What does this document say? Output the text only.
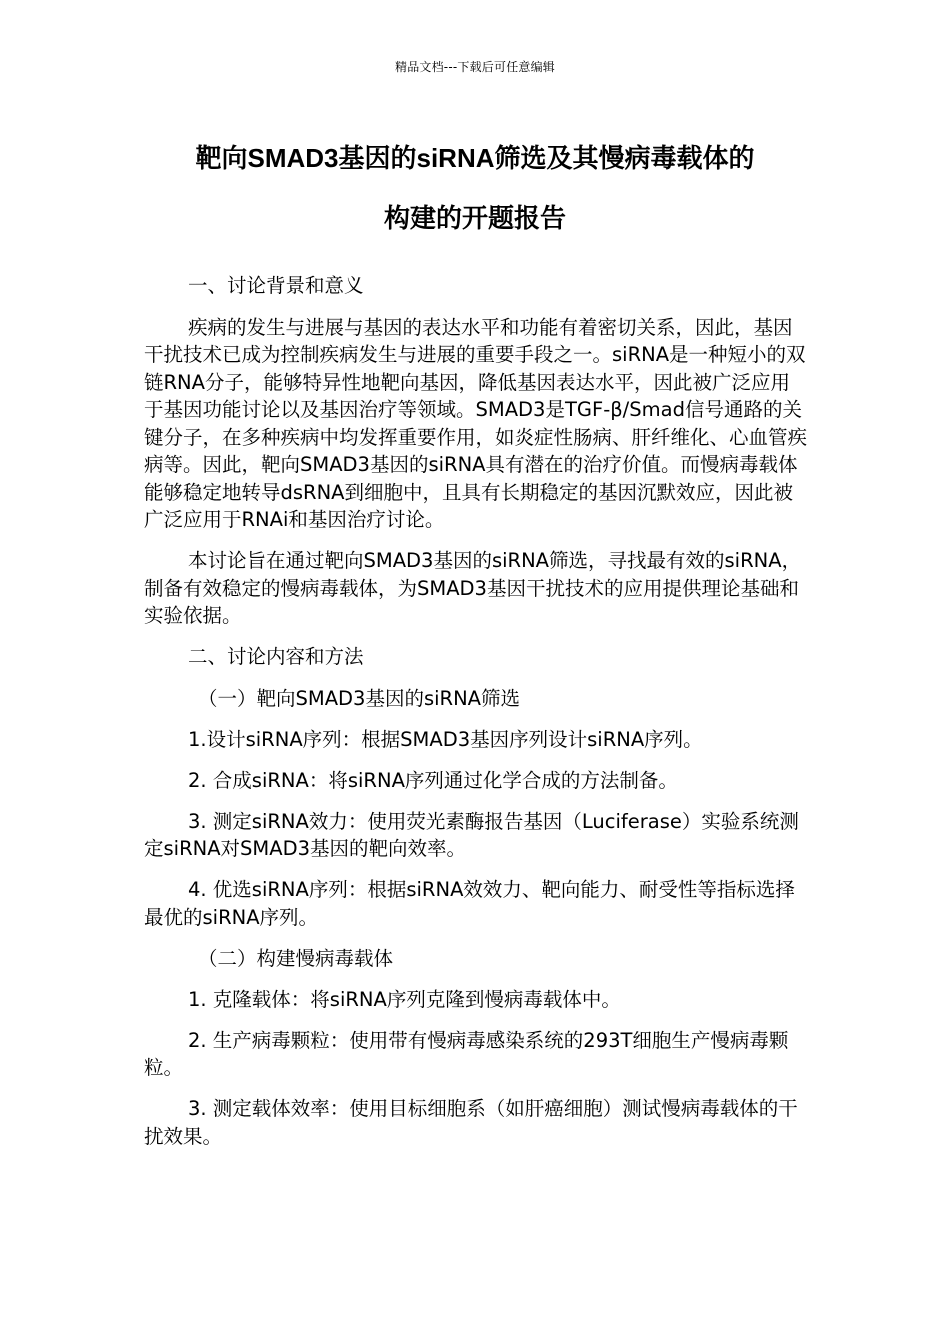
精品文档---下载后可任意编辑
靶向SMAD3基因的siRNA筛选及其慢病毒载体的
构建的开题报告

一、讨论背景和意义

疾病的发生与进展与基因的表达水平和功能有着密切关系，因此，基因干扰技术已成为控制疾病发生与进展的重要手段之一。siRNA是一种短小的双链RNA分子，能够特异性地靶向基因，降低基因表达水平，因此被广泛应用于基因功能讨论以及基因治疗等领域。SMAD3是TGF-β/Smad信号通路的关键分子，在多种疾病中均发挥重要作用，如炎症性肠病、肝纤维化、心血管疾病等。因此，靶向SMAD3基因的siRNA具有潜在的治疗价值。而慢病毒载体能够稳定地转导dsRNA到细胞中，且具有长期稳定的基因沉默效应，因此被广泛应用于RNAi和基因治疗讨论。

本讨论旨在通过靶向SMAD3基因的siRNA筛选，寻找最有效的siRNA，制备有效稳定的慢病毒载体，为SMAD3基因干扰技术的应用提供理论基础和实验依据。

二、讨论内容和方法

（一）靶向SMAD3基因的siRNA筛选

1.设计siRNA序列：根据SMAD3基因序列设计siRNA序列。

2. 合成siRNA：将siRNA序列通过化学合成的方法制备。

3. 测定siRNA效力：使用荧光素酶报告基因（Luciferase）实验系统测定siRNA对SMAD3基因的靶向效率。

4. 优选siRNA序列：根据siRNA效效力、靶向能力、耐受性等指标选择最优的siRNA序列。

（二）构建慢病毒载体

1. 克隆载体：将siRNA序列克隆到慢病毒载体中。

2. 生产病毒颗粒：使用带有慢病毒感染系统的293T细胞生产慢病毒颗粒。

3. 测定载体效率：使用目标细胞系（如肝癌细胞）测试慢病毒载体的干扰效果。
